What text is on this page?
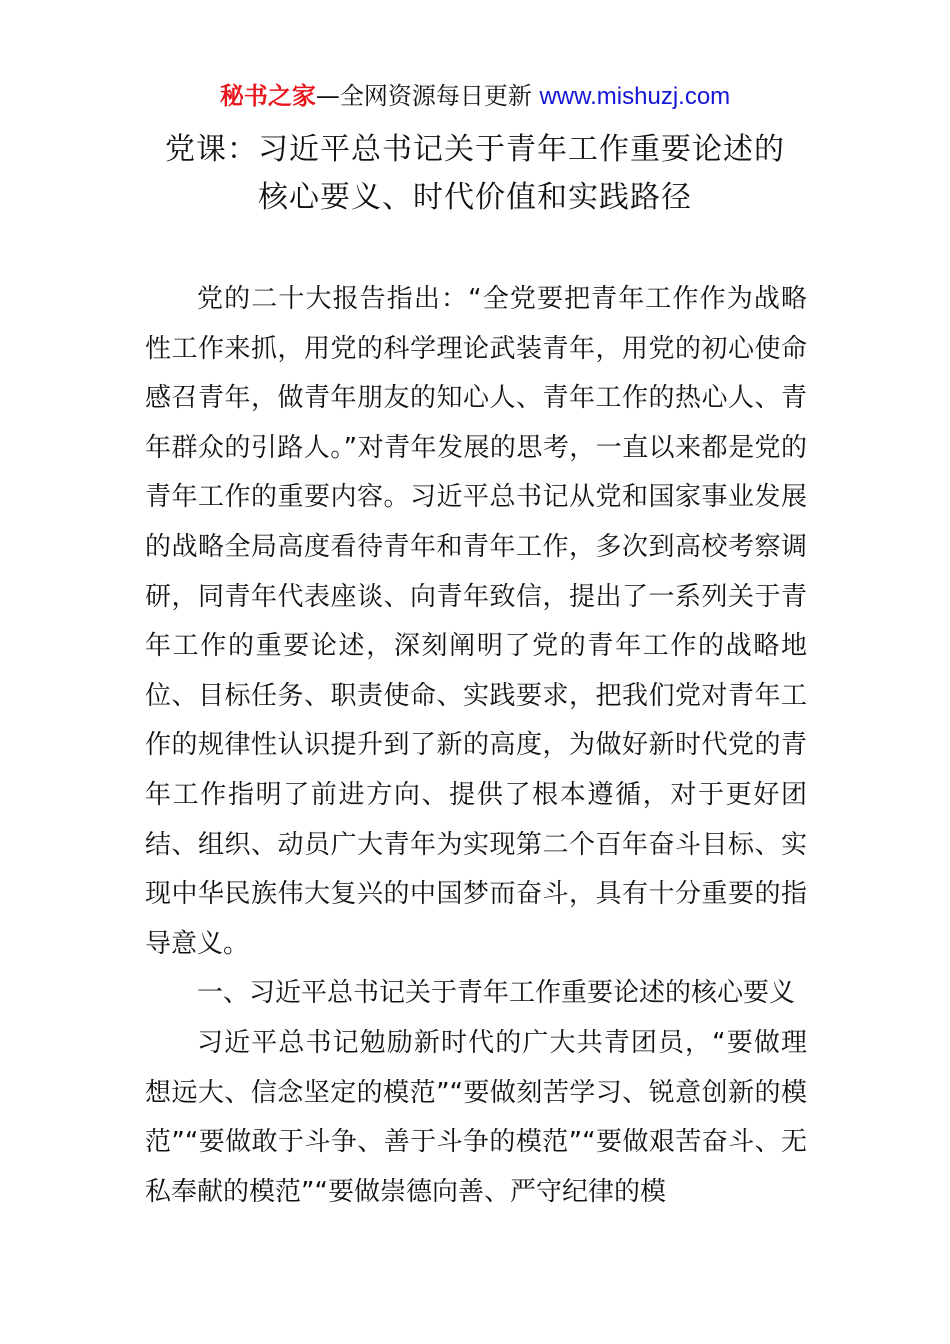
秘书之家—全网资源每日更新 www.mishuzj.com
党课：习近平总书记关于青年工作重要论述的
核心要义、时代价值和实践路径

党的二十大报告指出：“全党要把青年工作作为战略性工作来抓，用党的科学理论武装青年，用党的初心使命感召青年，做青年朋友的知心人、青年工作的热心人、青年群众的引路人。”对青年发展的思考，一直以来都是党的青年工作的重要内容。习近平总书记从党和国家事业发展的战略全局高度看待青年和青年工作，多次到高校考察调研，同青年代表座谈、向青年致信，提出了一系列关于青年工作的重要论述，深刻阐明了党的青年工作的战略地位、目标任务、职责使命、实践要求，把我们党对青年工作的规律性认识提升到了新的高度，为做好新时代党的青年工作指明了前进方向、提供了根本遵循，对于更好团结、组织、动员广大青年为实现第二个百年奋斗目标、实现中华民族伟大复兴的中国梦而奋斗，具有十分重要的指导意义。

一、习近平总书记关于青年工作重要论述的核心要义

习近平总书记勉励新时代的广大共青团员，“要做理想远大、信念坚定的模范”“要做刻苦学习、锐意创新的模范”“要做敢于斗争、善于斗争的模范”“要做艰苦奋斗、无私奉献的模范”“要做崇德向善、严守纪律的模
